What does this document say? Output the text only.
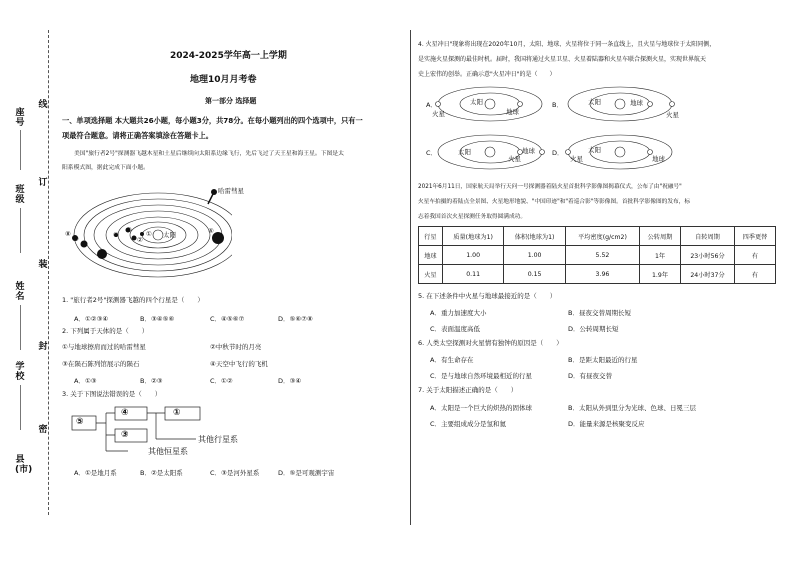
线
座号
订
班级
装
姓名
封
学校
密
县(市)
2024-2025学年高一上学期
地理10月月考卷
第一部分 选择题
一、单项选择题 本大题共26小题，每小题3分，共78分。在每小题列出的四个选项中，只有一
项最符合题意。请将正确答案填涂在答题卡上。
美国"旅行者2号"探测器飞越木星和土星后继续向太阳系边缘飞行，先后飞过了天王星和海王星。下图是太
阳系模式图，据此完成下面小题。
哈雷彗星
太阳
①
②
③
④	⑤
⑥
⑦
⑧
1. "旅行者2号"探测器飞越的四个行星是（　　）
A．①②③④	B．③④⑤⑥	C．④⑤⑥⑦	D．⑤⑥⑦⑧
2. 下列属于天体的是（　　）
①与地球擦肩而过的哈雷彗星	②中秋节时的月亮
③在陨石陈列馆展示的陨石	④天空中飞行的飞机
A．①③	B．②③	C．①②	D．③④
3. 关于下图说法错误的是（　　）
⑤
④	①
③	其他行星系
其他恒星系
A．①是地月系	B．②是太阳系	C．③是河外星系	D．⑤是可观测宇宙
4. 火星冲日"现象将出现在2020年10月，太阳、地球、火星将位于同一条直线上，且火星与地球位于太阳同侧，
是实施火星探测的最佳时机。届时，我国将通过火星卫星、火星着陆器和火星车联合探测火星，实现世界航天
史上宏伟的创举。正确示意"火星冲日"的是（　　）
A．	B．
C．	D．
火星
太阳
地球
太阳	地球
火星
太阳
火星
地球
火星
太阳
地球
2021年6月11日，国家航天局举行天问一号探测器着陆火星首批科学影像图揭幕仪式，公布了由"祝融号"
火星车拍摄的着陆点全景图、火星地形地貌、"中国印迹"和"着巡合影"等影像图。首批科学影像图的发布，标
志着我国首次火星探测任务取得圆满成功。
行星	质量(地球为1)	体积(地球为1)	平均密度(g/cm2)	公转周期	自转周期	四季更替
地球	1.00	1.00	5.52	1年	23小时56分	有
火星	0.11	0.15	3.96	1.9年	24小时37分	有
5. 在下述条件中火星与地球最接近的是（　　）
A．重力加速度大小	B．昼夜交替周期长短
C．表面温度高低	D．公转周期长短
6. 人类太空探测对火星情有独钟的原因是（　　）
A．有生命存在	B．是距太阳最近的行星
C．是与地球自然环境最相近的行星	D．有昼夜交替
7. 关于太阳描述正确的是（　　）
A．太阳是一个巨大的炽热的固体球	B．太阳从外到里分为光球、色球、日冕三层
C．主要组成成分是氢和氦	D．能量来源是核聚变反应
